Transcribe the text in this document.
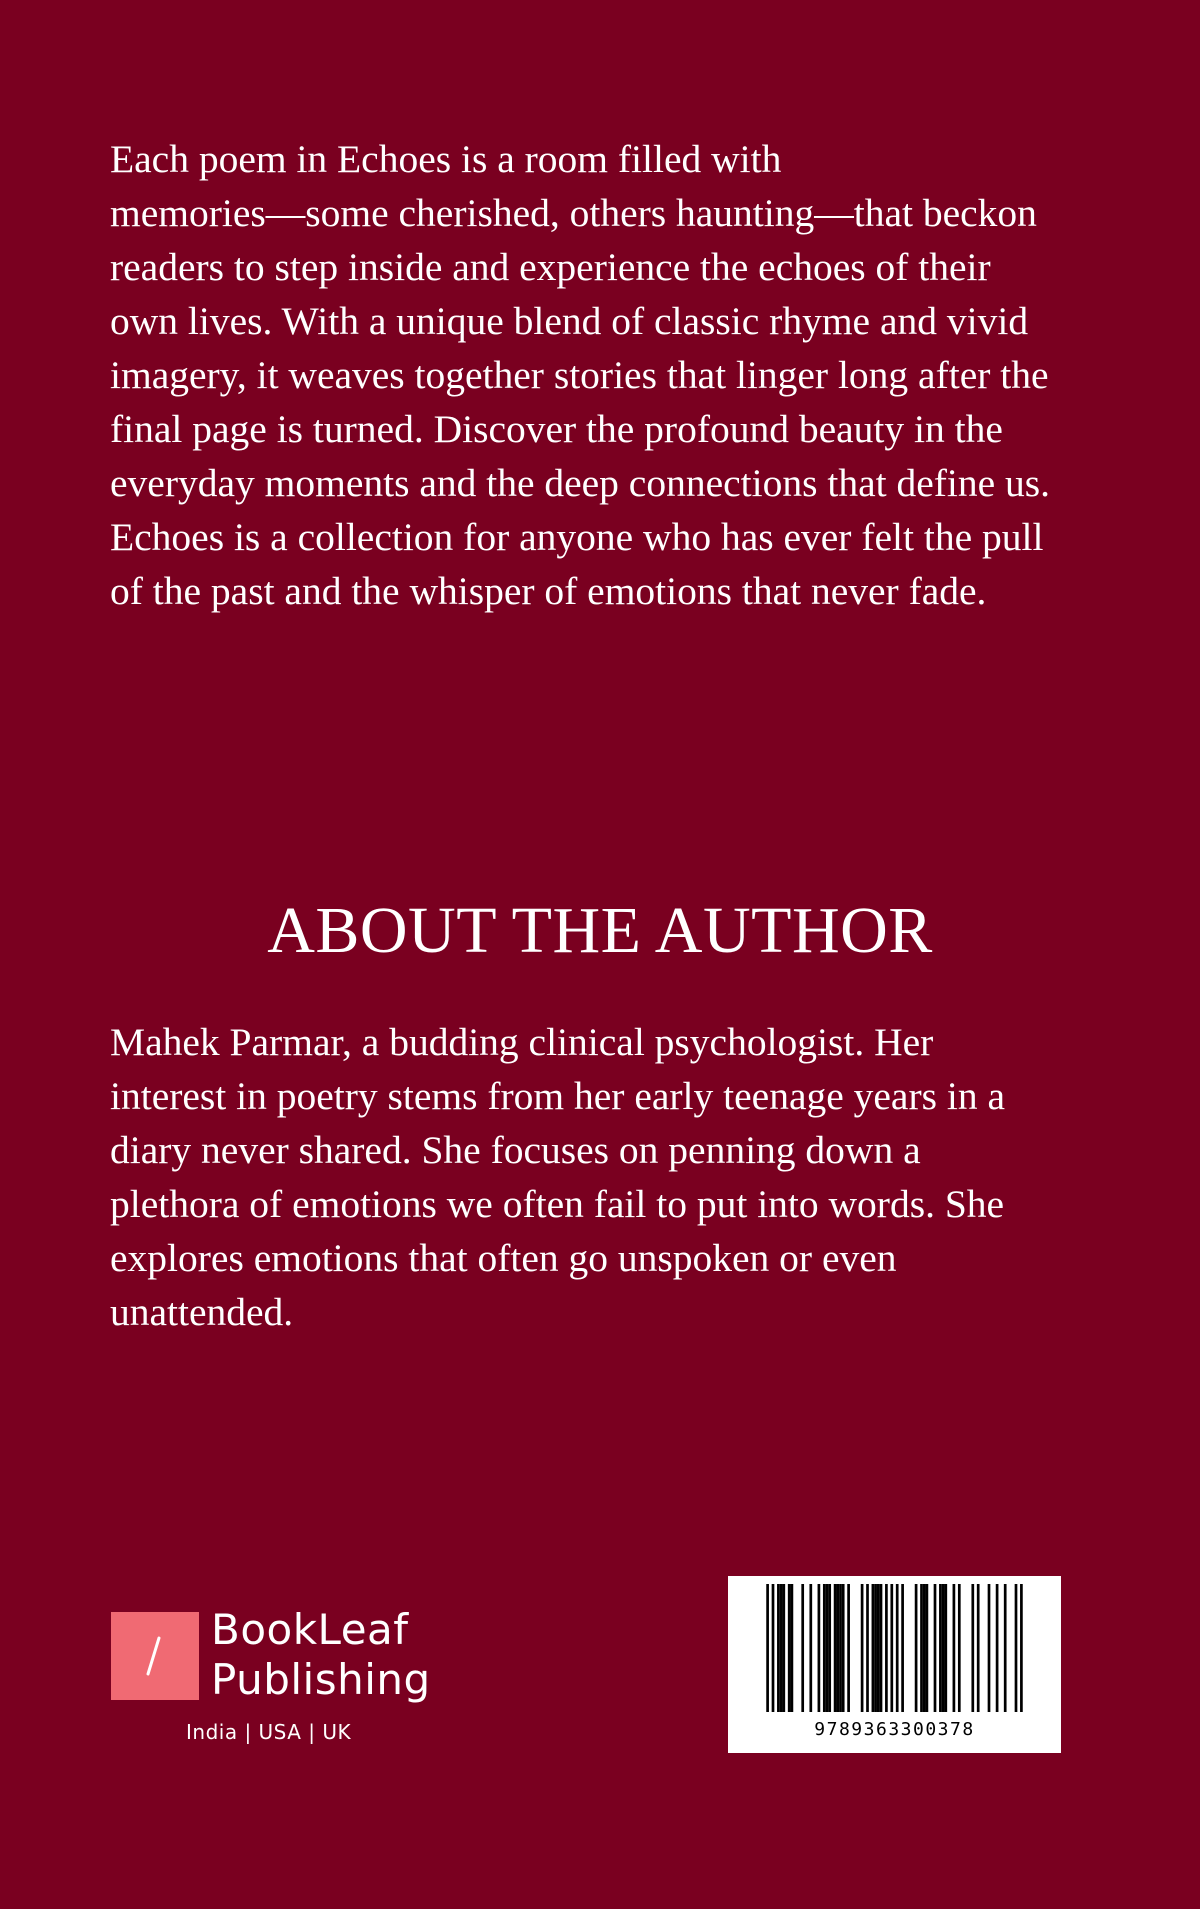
Each poem in Echoes is a room filled with
memories—some cherished, others haunting—that beckon
readers to step inside and experience the echoes of their
own lives. With a unique blend of classic rhyme and vivid
imagery, it weaves together stories that linger long after the
final page is turned. Discover the profound beauty in the
everyday moments and the deep connections that define us.
Echoes is a collection for anyone who has ever felt the pull
of the past and the whisper of emotions that never fade.

ABOUT THE AUTHOR

Mahek Parmar, a budding clinical psychologist. Her
interest in poetry stems from her early teenage years in a
diary never shared. She focuses on penning down a
plethora of emotions we often fail to put into words. She
explores emotions that often go unspoken or even
unattended.

BookLeaf
Publishing
India | USA | UK	9789363300378
